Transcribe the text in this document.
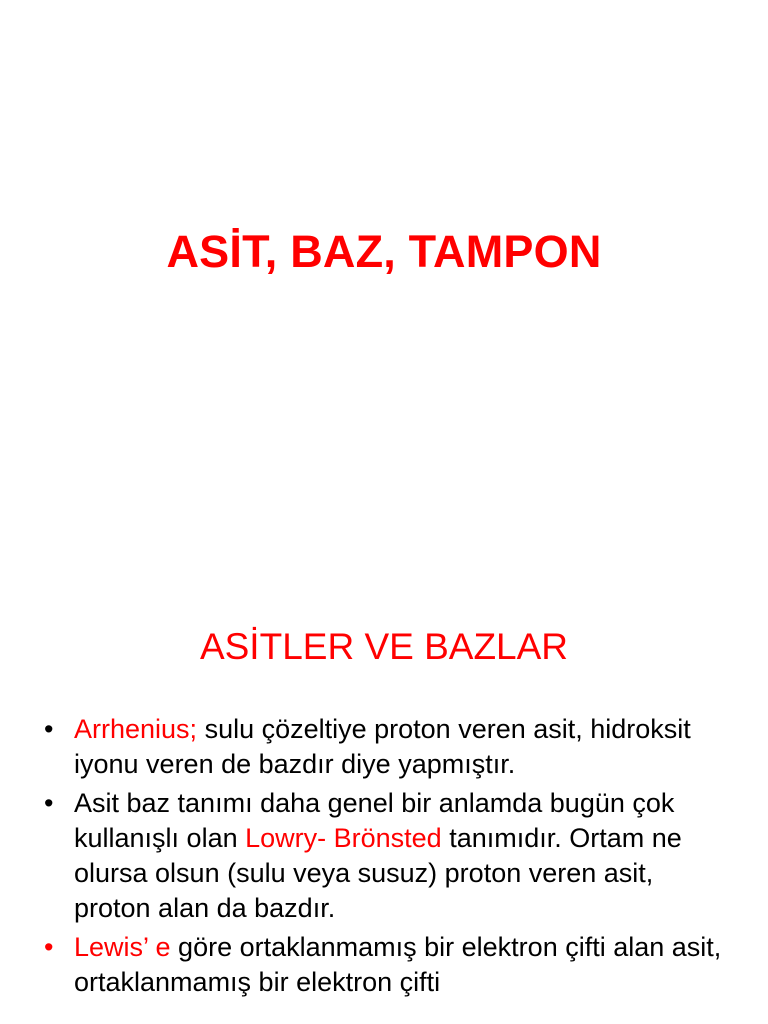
ASİT, BAZ, TAMPON
ASİTLER VE BAZLAR
• Arrhenius; sulu çözeltiye proton veren asit, hidroksit iyonu veren de bazdır diye yapmıştır.
• Asit baz tanımı daha genel bir anlamda bugün çok kullanışlı olan Lowry- Brönsted tanımıdır. Ortam ne olursa olsun (sulu veya susuz) proton veren asit, proton alan da bazdır.
• Lewis’ e göre ortaklanmamış bir elektron çifti alan asit, ortaklanmamış bir elektron çifti
